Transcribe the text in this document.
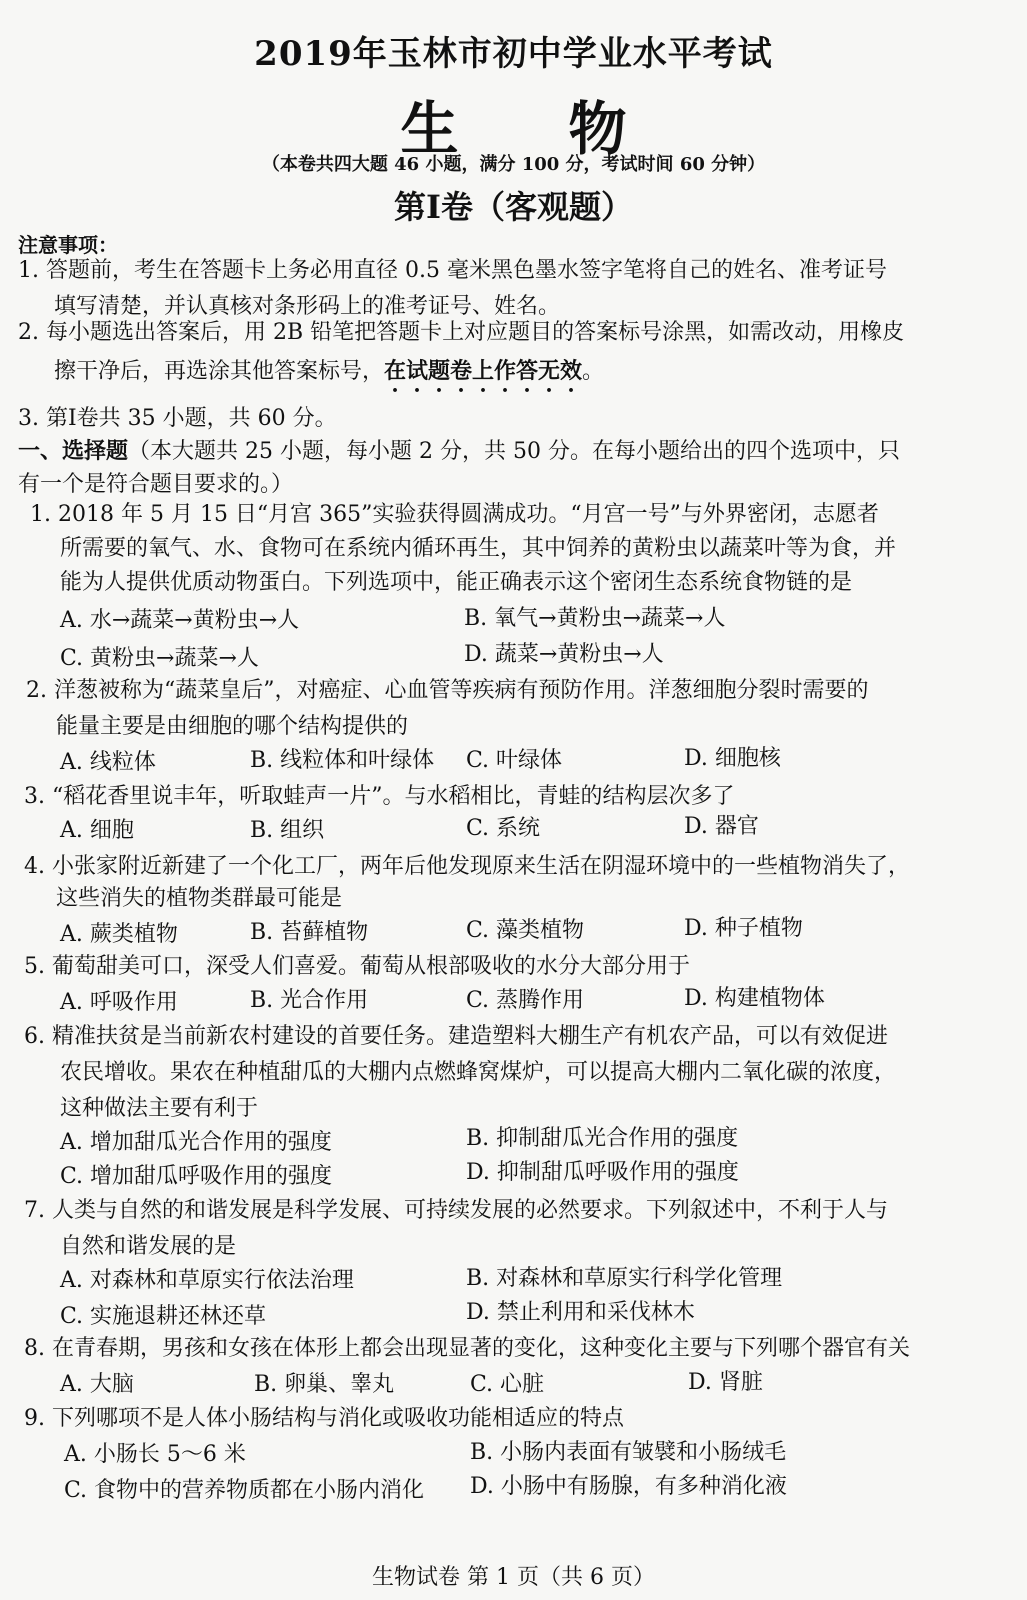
2019年玉林市初中学业水平考试
生物
（本卷共四大题 46 小题，满分 100 分，考试时间 60 分钟）
第Ⅰ卷（客观题）
注意事项：
1. 答题前，考生在答题卡上务必用直径 0.5 毫米黑色墨水签字笔将自己的姓名、准考证号
填写清楚，并认真核对条形码上的准考证号、姓名。
2. 每小题选出答案后，用 2B 铅笔把答题卡上对应题目的答案标号涂黑，如需改动，用橡皮
擦干净后，再选涂其他答案标号，在试题卷上作答无效。
3. 第Ⅰ卷共 35 小题，共 60 分。
一、选择题（本大题共 25 小题，每小题 2 分，共 50 分。在每小题给出的四个选项中，只
有一个是符合题目要求的。）
1. 2018 年 5 月 15 日“月宫 365”实验获得圆满成功。“月宫一号”与外界密闭，志愿者
所需要的氧气、水、食物可在系统内循环再生，其中饲养的黄粉虫以蔬菜叶等为食，并
能为人提供优质动物蛋白。下列选项中，能正确表示这个密闭生态系统食物链的是
A. 水→蔬菜→黄粉虫→人	B. 氧气→黄粉虫→蔬菜→人
C. 黄粉虫→蔬菜→人	D. 蔬菜→黄粉虫→人
2. 洋葱被称为“蔬菜皇后”，对癌症、心血管等疾病有预防作用。洋葱细胞分裂时需要的
能量主要是由细胞的哪个结构提供的
A. 线粒体	B. 线粒体和叶绿体 C. 叶绿体	D. 细胞核
3. “稻花香里说丰年，听取蛙声一片”。与水稻相比，青蛙的结构层次多了
A. 细胞	B. 组织	C. 系统	D. 器官
4. 小张家附近新建了一个化工厂，两年后他发现原来生活在阴湿环境中的一些植物消失了，
这些消失的植物类群最可能是
A. 蕨类植物	B. 苔藓植物	C. 藻类植物	D. 种子植物
5. 葡萄甜美可口，深受人们喜爱。葡萄从根部吸收的水分大部分用于
A. 呼吸作用	B. 光合作用	C. 蒸腾作用	D. 构建植物体
6. 精准扶贫是当前新农村建设的首要任务。建造塑料大棚生产有机农产品，可以有效促进
农民增收。果农在种植甜瓜的大棚内点燃蜂窝煤炉，可以提高大棚内二氧化碳的浓度，
这种做法主要有利于
A. 增加甜瓜光合作用的强度	B. 抑制甜瓜光合作用的强度
C. 增加甜瓜呼吸作用的强度	D. 抑制甜瓜呼吸作用的强度
7. 人类与自然的和谐发展是科学发展、可持续发展的必然要求。下列叙述中，不利于人与
自然和谐发展的是
A. 对森林和草原实行依法治理	B. 对森林和草原实行科学化管理
C. 实施退耕还林还草	D. 禁止利用和采伐林木
8. 在青春期，男孩和女孩在体形上都会出现显著的变化，这种变化主要与下列哪个器官有关
A. 大脑	B. 卵巢、睾丸	C. 心脏	D. 肾脏
9. 下列哪项不是人体小肠结构与消化或吸收功能相适应的特点
A. 小肠长 5～6 米	B. 小肠内表面有皱襞和小肠绒毛
C. 食物中的营养物质都在小肠内消化 D. 小肠中有肠腺，有多种消化液
生物试卷 第 1 页（共 6 页）
